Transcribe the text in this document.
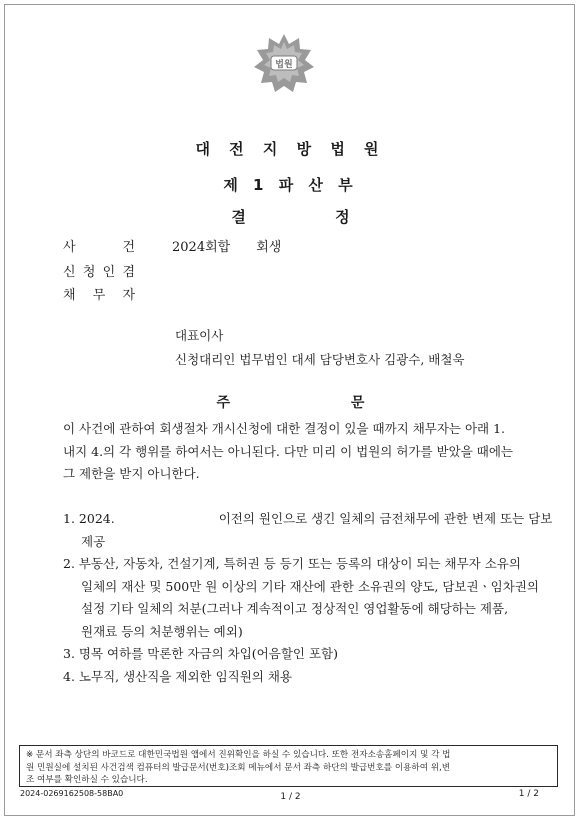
법원
대 전 지 방 법 원
제 1 파 산 부
결 정
사	건	2024회합 회생
신 청 인 겸
채 무 자
대표이사
신청대리인 법무법인 대세 담당변호사 김광수, 배철욱
주 문
이 사건에 관하여 회생절차 개시신청에 대한 결정이 있을 때까지 채무자는 아래 1.
내지 4.의 각 행위를 하여서는 아니된다. 다만 미리 이 법원의 허가를 받았을 때에는
그 제한을 받지 아니한다.
1. 2024.	이전의 원인으로 생긴 일체의 금전채무에 관한 변제 또는 담보
제공
2. 부동산, 자동차, 건설기계, 특허권 등 등기 또는 등록의 대상이 되는 채무자 소유의
일체의 재산 및 500만 원 이상의 기타 재산에 관한 소유권의 양도, 담보권ㆍ임차권의
설정 기타 일체의 처분(그러나 계속적이고 정상적인 영업활동에 해당하는 제품,
원재료 등의 처분행위는 예외)
3. 명목 여하를 막론한 자금의 차입(어음할인 포함)
4. 노무직, 생산직을 제외한 임직원의 채용
※ 문서 좌측 상단의 바코드로 대한민국법원 앱에서 진위확인을 하실 수 있습니다. 또한 전자소송홈페이지 및 각 법
원 민원실에 설치된 사건검색 컴퓨터의 발급문서(번호)조회 메뉴에서 문서 좌측 하단의 발급번호를 이용하여 위,변
조 여부를 확인하실 수 있습니다.
2024-0269162508-58BA0	1 / 2	1 / 2
